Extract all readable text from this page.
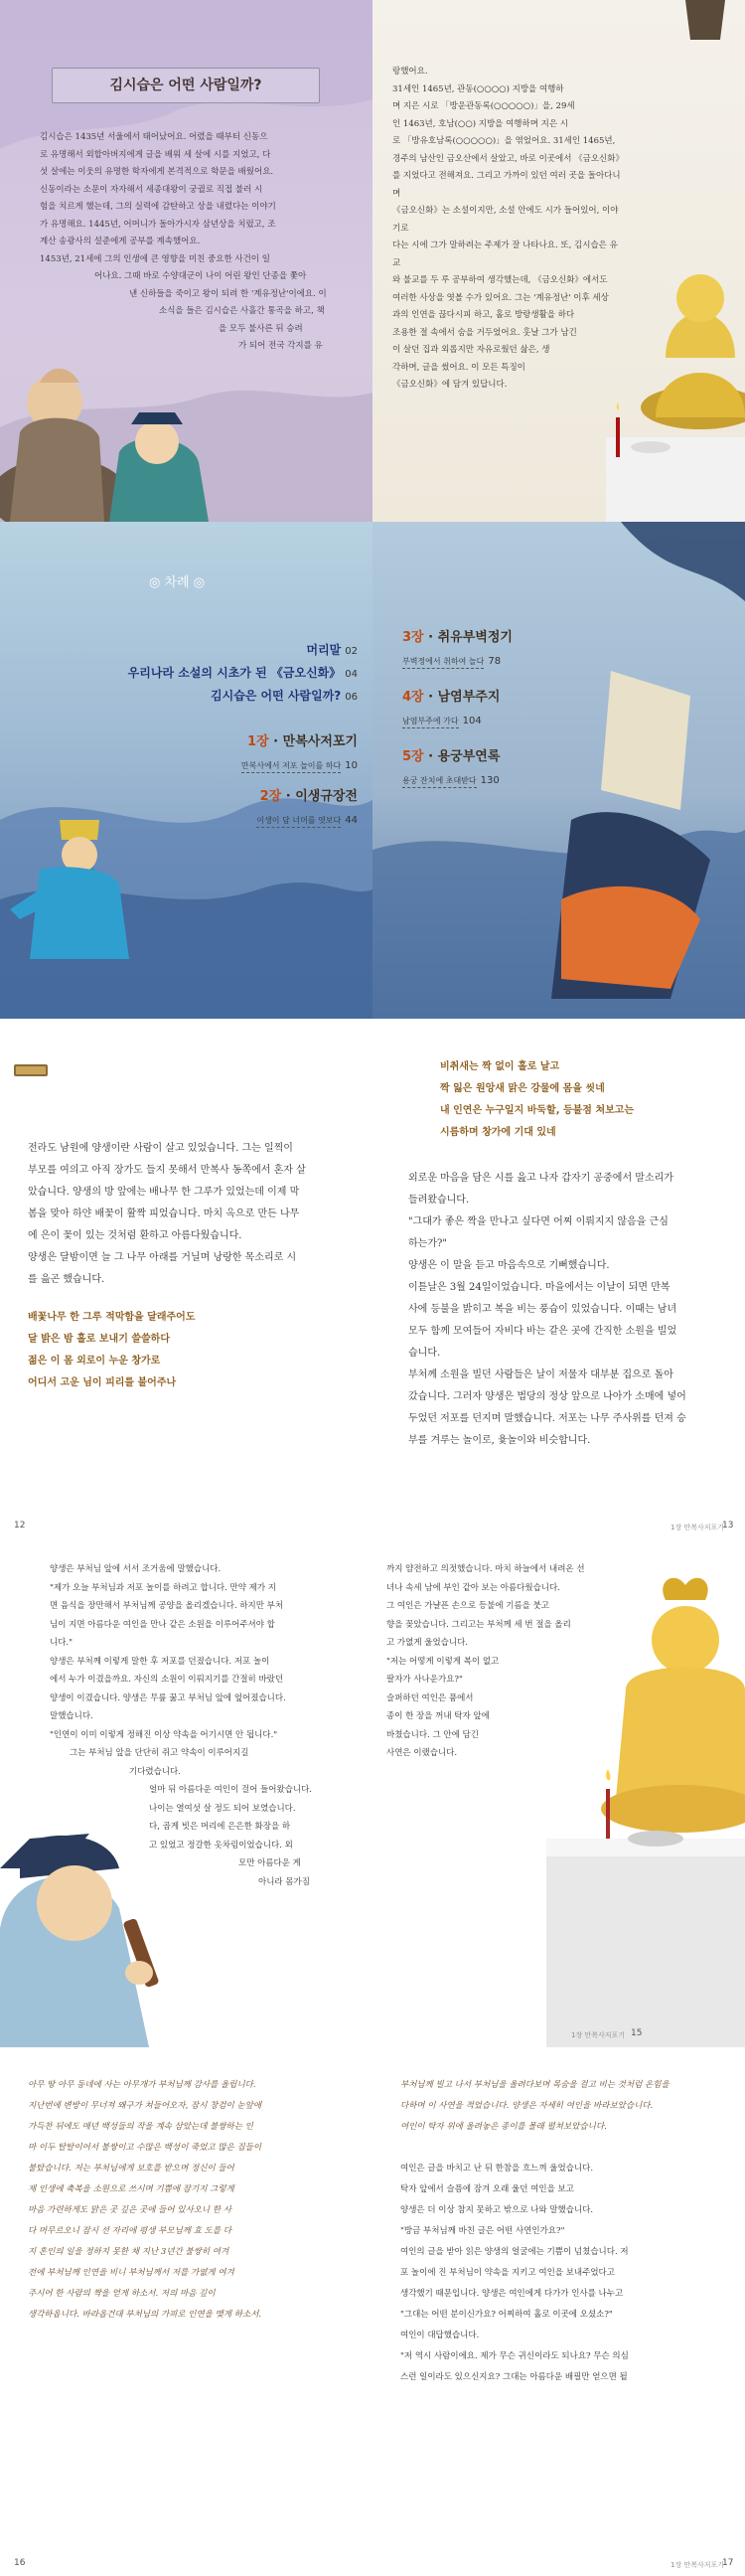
김시습은 어떤 사람일까?

김시습은 1435년 서울에서 태어났어요. 어렸을 때부터 신동으

로 유명해서 외할아버지에게 글을 배워 세 살에 시를 지었고, 다

섯 살에는 이웃의 유명한 학자에게 본격적으로 학문을 배웠어요.

신동이라는 소문이 자자해서 세종대왕이 궁궐로 직접 불러 시

험을 치르게 했는데, 그의 실력에 감탄하고 상을 내렸다는 이야기

가 유명해요. 1445년, 어머니가 돌아가시자 삼년상을 치렀고, 조

계산 송광사의 설준에게 공부를 계속했어요.

1453년, 21세에 그의 인생에 큰 영향을 미친 중요한 사건이 일

어나요. 그때 바로 수양대군이 나이 어린 왕인 단종을 쫓아

낸 신하들을 죽이고 왕이 되려 한 '계유정난'이에요. 이

소식을 들은 김시습은 사흘간 통곡을 하고, 책

을 모두 불사른 뒤 승려

가 되어 전국 각지를 유

랑했어요.

31세인 1465년, 관동(○○○○) 지방을 여행하

며 지은 시로 「방운관동록(○○○○○)」을, 29세

인 1463년, 호남(○○) 지방을 여행하며 지은 시

로 「방유호남록(○○○○○)」을 엮었어요. 31세인 1465년,

경주의 남산인 금오산에서 살았고, 바로 이곳에서 《금오신화》

를 지었다고 전해져요. 그리고 가까이 있던 여러 곳을 돌아다니며

《금오신화》는 소설이지만, 소설 안에도 시가 들어있어, 이야기로

다는 시에 그가 말하려는 주제가 잘 나타나요. 또, 김시습은 유교

와 불교를 두 루 공부하여 생각했는데, 《금오신화》에서도

여러한 사상을 엿볼 수가 있어요. 그는 '계유정난' 이후 세상

과의 인연을 끊다시피 하고, 홀로 방랑생활을 하다

조용한 절 속에서 숨을 거두었어요. 훗날 그가 남긴

이 살던 집과 외롭지만 자유로웠던 삶은, 생

각하며, 글을 썼어요. 이 모든 특징이

《금오신화》에 담겨 있답니다.

◎ 차례 ◎

머리말 02

우리나라 소설의 시초가 된 《금오신화》 04

김시습은 어떤 사람일까? 06

1장 · 만복사저포기

만복사에서 저포 놀이를 하다 10

2장 · 이생규장전

이생이 담 너머를 엿보다 44

3장 · 취유부벽정기

부벽정에서 취하여 놀다 78

4장 · 남염부주지

남염부주에 가다 104

5장 · 용궁부연록

용궁 잔치에 초대받다 130

전라도 남원에 양생이란 사람이 살고 있었습니다. 그는 일찍이

부모를 여의고 아직 장가도 들지 못해서 만복사 동쪽에서 혼자 살

았습니다. 양생의 방 앞에는 배나무 한 그루가 있었는데 이제 막

봄을 맞아 하얀 배꽃이 활짝 피었습니다. 마치 옥으로 만든 나무

에 은이 꽃이 있는 것처럼 환하고 아름다웠습니다.

양생은 달밤이면 늘 그 나무 아래를 거닐며 낭랑한 목소리로 시

를 읊곤 했습니다.

배꽃나무 한 그루 적막함을 달래주어도

달 밝은 밤 홀로 보내기 쓸쓸하다

젊은 이 몸 외로이 누운 창가로

어디서 고운 님이 피리를 불어주나

12

비취새는 짝 없이 홀로 날고

짝 잃은 원앙새 맑은 강물에 몸을 씻네

내 인연은 누구일지 바둑할, 등불점 쳐보고는

시름하며 창가에 기대 있네

외로운 마음을 담은 시를 읊고 나자 갑자기 공중에서 말소리가

들려왔습니다.

"그대가 좋은 짝을 만나고 싶다면 어찌 이뤄지지 않음을 근심

하는가?"

양생은 이 말을 듣고 마음속으로 기뻐했습니다.

이튿날은 3월 24일이었습니다. 마을에서는 이날이 되면 만복

사에 등불을 밝히고 복을 비는 풍습이 있었습니다. 이때는 남녀

모두 함께 모여들어 자비다 바는 같은 곳에 간직한 소원을 빌었

습니다.

부처께 소원을 빌던 사람들은 날이 저물자 대부분 집으로 돌아

갔습니다. 그러자 양생은 법당의 정상 앞으로 나아가 소매에 넣어

두었던 저포를 던지며 말했습니다. 저포는 나무 주사위를 던져 승

부를 겨루는 놀이로, 윷놀이와 비슷합니다.

1장 만복사저포기
13

양생은 부처님 앞에 서서 조거움에 말했습니다.

"제가 오늘 부처님과 저포 놀이를 하려고 합니다. 만약 제가 지

면 음식을 장만해서 부처님께 공양을 올리겠습니다. 하지만 부처

님이 지면 아름다운 여인을 만나 같은 소원을 이루어주셔야 합

니다."

양생은 부처께 이렇게 말한 후 저포를 던졌습니다. 저포 놀이

에서 누가 이겼을까요. 자신의 소원이 이뤄지기를 간절히 바랐던

양생이 이겼습니다. 양생은 무릎 꿇고 부처님 앞에 엎어졌습니다.

말했습니다.

"인연이 이미 이렇게 정해진 이상 약속을 어기시면 안 됩니다."

그는 부처님 앞을 단단히 쥐고 약속이 이루어지길

기다렸습니다.

얼마 뒤 아름다운 여인이 걸어 들어왔습니다.

나이는 열여섯 살 정도 되어 보였습니다.

다, 곱게 빗은 머리에 은은한 화장을 하

고 있었고 정갈한 옷차림이었습니다. 외

모만 아름다운 게

아니라 몸가짐

까지 얌전하고 의젓했습니다. 마치 하늘에서 내려온 선

녀나 속세 남에 부인 같아 보는 아름다웠습니다.

그 여인은 가냘픈 손으로 등불에 기름을 붓고

향을 꽂았습니다. 그리고는 부처께 세 번 절을 올리

고 가엾게 울었습니다.

"저는 어떻게 이렇게 복이 없고

팔자가 사나운가요?"

슬퍼하던 여인은 품에서

종이 한 장을 꺼내 탁자 앞에

바쳤습니다. 그 안에 담긴

사연은 이랬습니다.

1장 만복사저포기 15

아무 땅 아무 동네에 사는 아무개가 부처님께 감사를 올립니다.

지난번에 변방이 무너져 왜구가 쳐들어오자, 잠시 창검이 눈앞에

가득찬 뒤에도 매년 백성들의 작을 계속 삼았는데 불쌍하는 인

마 이두 탈탈이어서 불쌍이고 수많은 백성이 죽었고 많은 집들이

불탔습니다. 저는 부처님에게 보호를 받으며 정신이 들어

제 인생에 축복을 소원으로 쓰시며 기쁨에 잠기지 그렇게

마음 가련하게도 맑은 곳 깊은 곳에 들어 있사오니 한 사

다 머무르오니 잠시 선 자리에 평생 부모님께 효 도를 다

지 혼인의 일을 정하지 못한 채 지난 3년간 불쌍히 여겨

전에 부처님께 인연을 비니 부처님께서 저를 가엾게 여겨

주시어 한 사람의 짝을 얻게 하소서. 저의 마음 깊이

생각하옵니다. 바라옵건대 부처님의 가피로 인연을 맺게 하소서.

16

부처님께 빌고 나서 부처님을 올려다보며 목숨을 걸고 비는 것처럼 온힘을

다하며 이 사연을 적었습니다. 양생은 자세히 여인을 바라보았습니다.

여인이 탁자 위에 올려놓은 종이를 몰래 펼쳐보았습니다.

여인은 글을 바치고 난 뒤 한참을 흐느껴 울었습니다.

탁자 앞에서 슬픔에 잠겨 오래 울던 여인을 보고

양생은 더 이상 참지 못하고 밖으로 나와 말했습니다.

"방금 부처님께 바친 글은 어떤 사연인가요?"

여인의 글을 받아 읽은 양생의 얼굴에는 기쁨이 넘쳤습니다. 저

포 놀이에 진 부처님이 약속을 지키고 여인을 보내주었다고

생각했기 때문입니다. 양생은 여인에게 다가가 인사를 나누고

"그대는 어떤 분이신가요? 어찌하여 홀로 이곳에 오셨소?"

여인이 대답했습니다.

"저 역시 사람이에요. 제가 무슨 귀신이라도 되나요? 무슨 의심

스런 일이라도 있으신지요? 그대는 아름다운 배필만 얻으면 될

1장 만복사저포기
17
